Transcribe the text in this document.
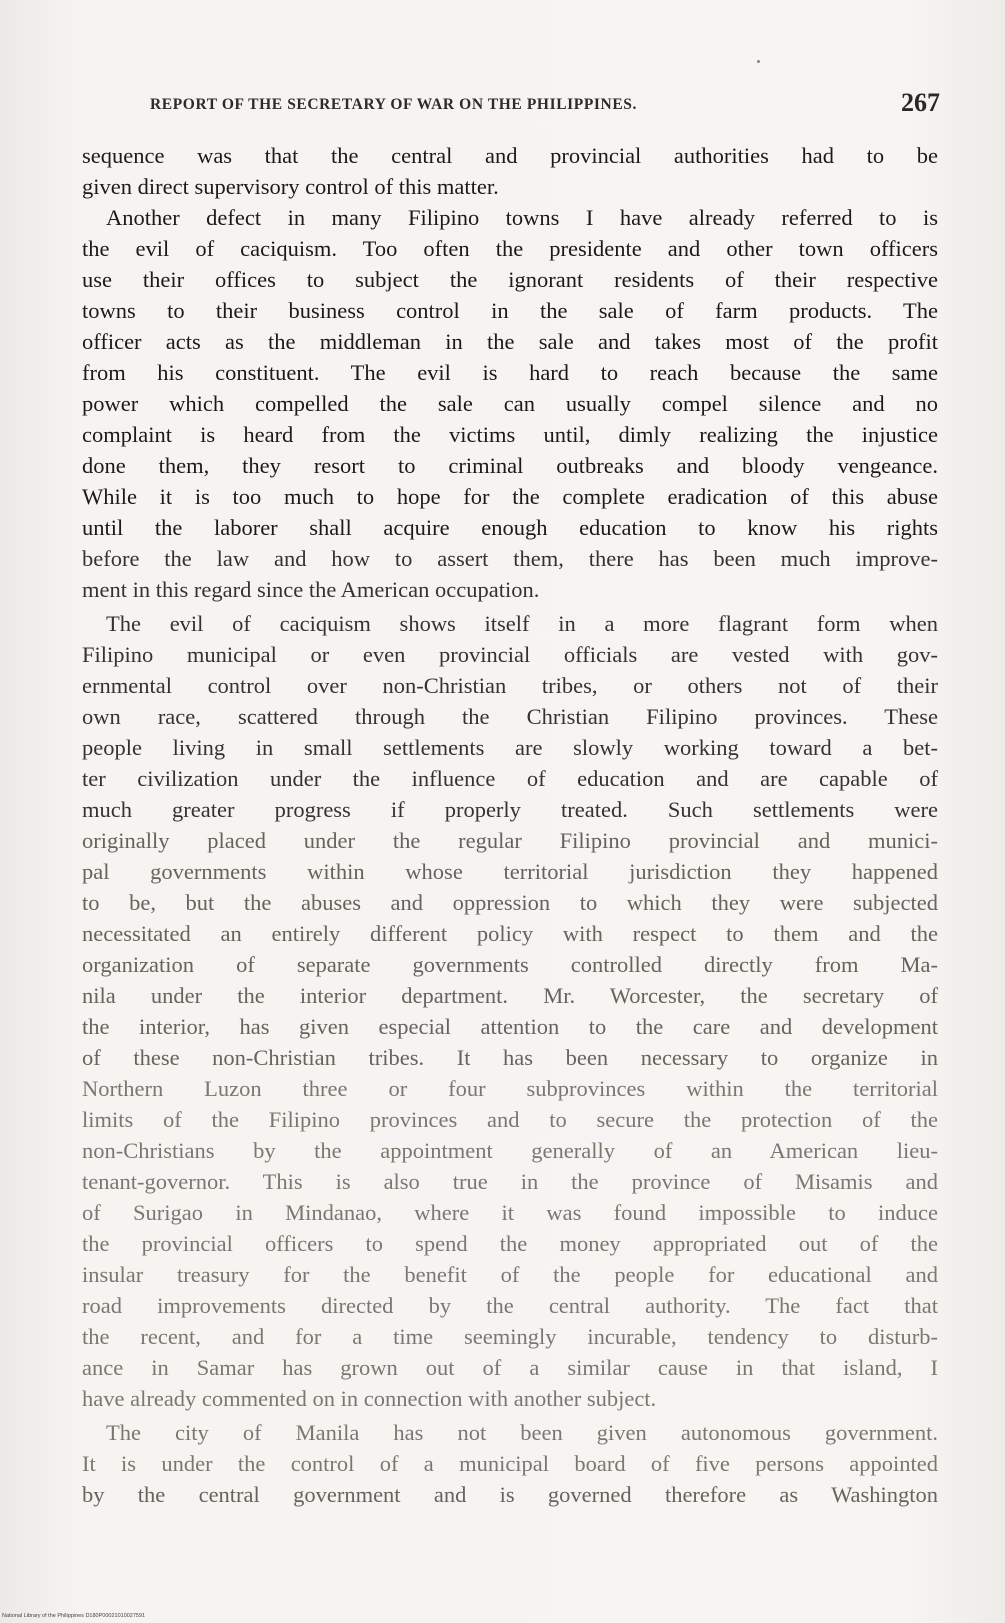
REPORT OF THE SECRETARY OF WAR ON THE PHILIPPINES.	267
sequence was that the central and provincial authorities had to be
given direct supervisory control of this matter.
Another defect in many Filipino towns I have already referred to is
the evil of caciquism. Too often the presidente and other town officers
use their offices to subject the ignorant residents of their respective
towns to their business control in the sale of farm products. The
officer acts as the middleman in the sale and takes most of the profit
from his constituent. The evil is hard to reach because the same
power which compelled the sale can usually compel silence and no
complaint is heard from the victims until, dimly realizing the injustice
done them, they resort to criminal outbreaks and bloody vengeance.
While it is too much to hope for the complete eradication of this abuse
until the laborer shall acquire enough education to know his rights
before the law and how to assert them, there has been much improve-
ment in this regard since the American occupation.
The evil of caciquism shows itself in a more flagrant form when
Filipino municipal or even provincial officials are vested with gov-
ernmental control over non-Christian tribes, or others not of their
own race, scattered through the Christian Filipino provinces. These
people living in small settlements are slowly working toward a bet-
ter civilization under the influence of education and are capable of
much greater progress if properly treated. Such settlements were
originally placed under the regular Filipino provincial and munici-
pal governments within whose territorial jurisdiction they happened
to be, but the abuses and oppression to which they were subjected
necessitated an entirely different policy with respect to them and the
organization of separate governments controlled directly from Ma-
nila under the interior department. Mr. Worcester, the secretary of
the interior, has given especial attention to the care and development
of these non-Christian tribes. It has been necessary to organize in
Northern Luzon three or four subprovinces within the territorial
limits of the Filipino provinces and to secure the protection of the
non-Christians by the appointment generally of an American lieu-
tenant-governor. This is also true in the province of Misamis and
of Surigao in Mindanao, where it was found impossible to induce
the provincial officers to spend the money appropriated out of the
insular treasury for the benefit of the people for educational and
road improvements directed by the central authority. The fact that
the recent, and for a time seemingly incurable, tendency to disturb-
ance in Samar has grown out of a similar cause in that island, I
have already commented on in connection with another subject.
The city of Manila has not been given autonomous government.
It is under the control of a municipal board of five persons appointed
by the central government and is governed therefore as Washington
National Library of the Philippines D180P00021010027591
